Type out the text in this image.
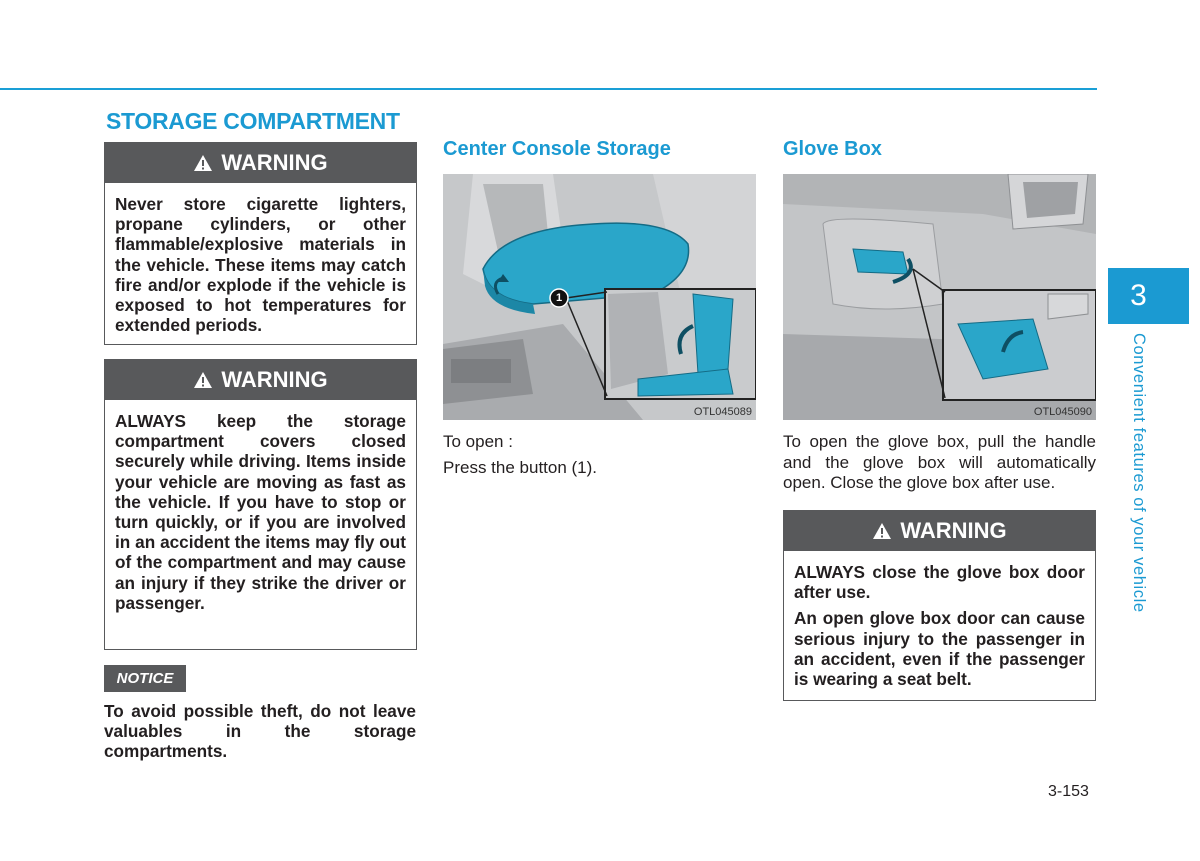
STORAGE COMPARTMENT
WARNING

Never store cigarette lighters, propane cylinders, or other flammable/explosive materials in the vehicle. These items may catch fire and/or explode if the vehicle is exposed to hot temperatures for extended periods.

WARNING

ALWAYS keep the storage compartment covers closed securely while driving. Items inside your vehicle are moving as fast as the vehicle. If you have to stop or turn quickly, or if you are involved in an accident the items may fly out of the compartment and may cause an injury if they strike the driver or passenger.

NOTICE
To avoid possible theft, do not leave valuables in the storage compartments.
Center Console Storage
1
OTL045089

To open :

Press the button (1).

Glove Box
OTL045090
To open the glove box, pull the handle and the glove box will automatically open. Close the glove box after use.
WARNING

ALWAYS close the glove box door after use.

An open glove box door can cause serious injury to the passenger in an accident, even if the passenger is wearing a seat belt.

3
Convenient features of your vehicle
3-153
